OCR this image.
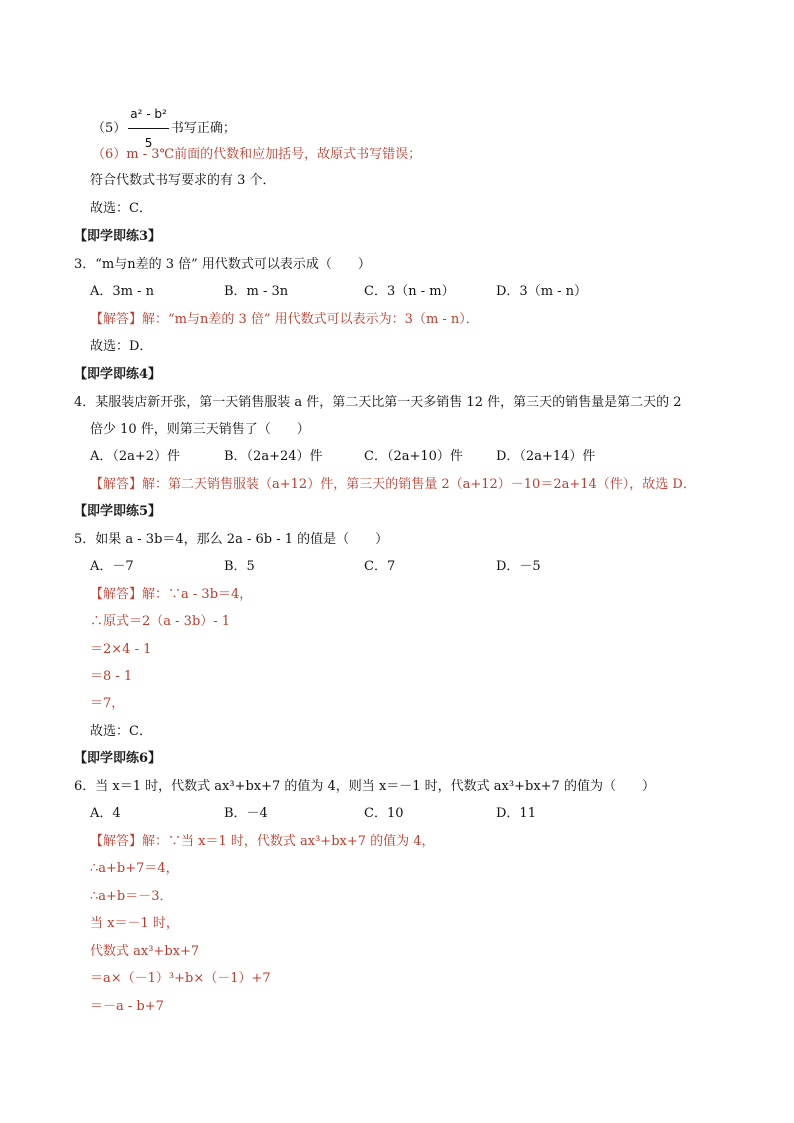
$(5) \frac{\text{a² - b²}}{5}$ 书写正确；
（6）m - 3℃前面的代数和应加括号，故原式书写错误；
符合代数式书写要求的有 3 个．
故选：C．
【即学即练3】
3．“m与n差的 3 倍” 用代数式可以表示成（　　）
A．3m - n	B．m - 3n	C．3（n - m）	D．3（m - n）
【解答】解：“m与n差的 3 倍” 用代数式可以表示为：3（m - n）．
故选：D．
【即学即练4】
4．某服装店新开张，第一天销售服装 a 件，第二天比第一天多销售 12 件，第三天的销售量是第二天的 2
倍少 10 件，则第三天销售了（　　）
A．（2a+2）件	B．（2a+24）件	C．（2a+10）件	D．（2a+14）件
【解答】解：第二天销售服装（a+12）件，第三天的销售量 2（a+12）－10＝2a+14（件），故选 D．
【即学即练5】
5．如果 a - 3b＝4，那么 2a - 6b - 1 的值是（　　）
A．－7	B．5	C．7	D．－5
【解答】解：∵a - 3b＝4，
∴原式＝2（a - 3b）- 1
＝2×4 - 1
＝8 - 1
＝7，
故选：C．
【即学即练6】
6．当 x＝1 时，代数式 ax³+bx+7 的值为 4，则当 x＝－1 时，代数式 ax³+bx+7 的值为（　　）
A．4	B．－4	C．10	D．11
【解答】解：∵当 x＝1 时，代数式 ax³+bx+7 的值为 4，
∴a+b+7＝4，
∴a+b＝－3．
当 x＝－1 时，
代数式 ax³+bx+7
＝a×（－1）³+b×（－1）+7
＝－a - b+7
